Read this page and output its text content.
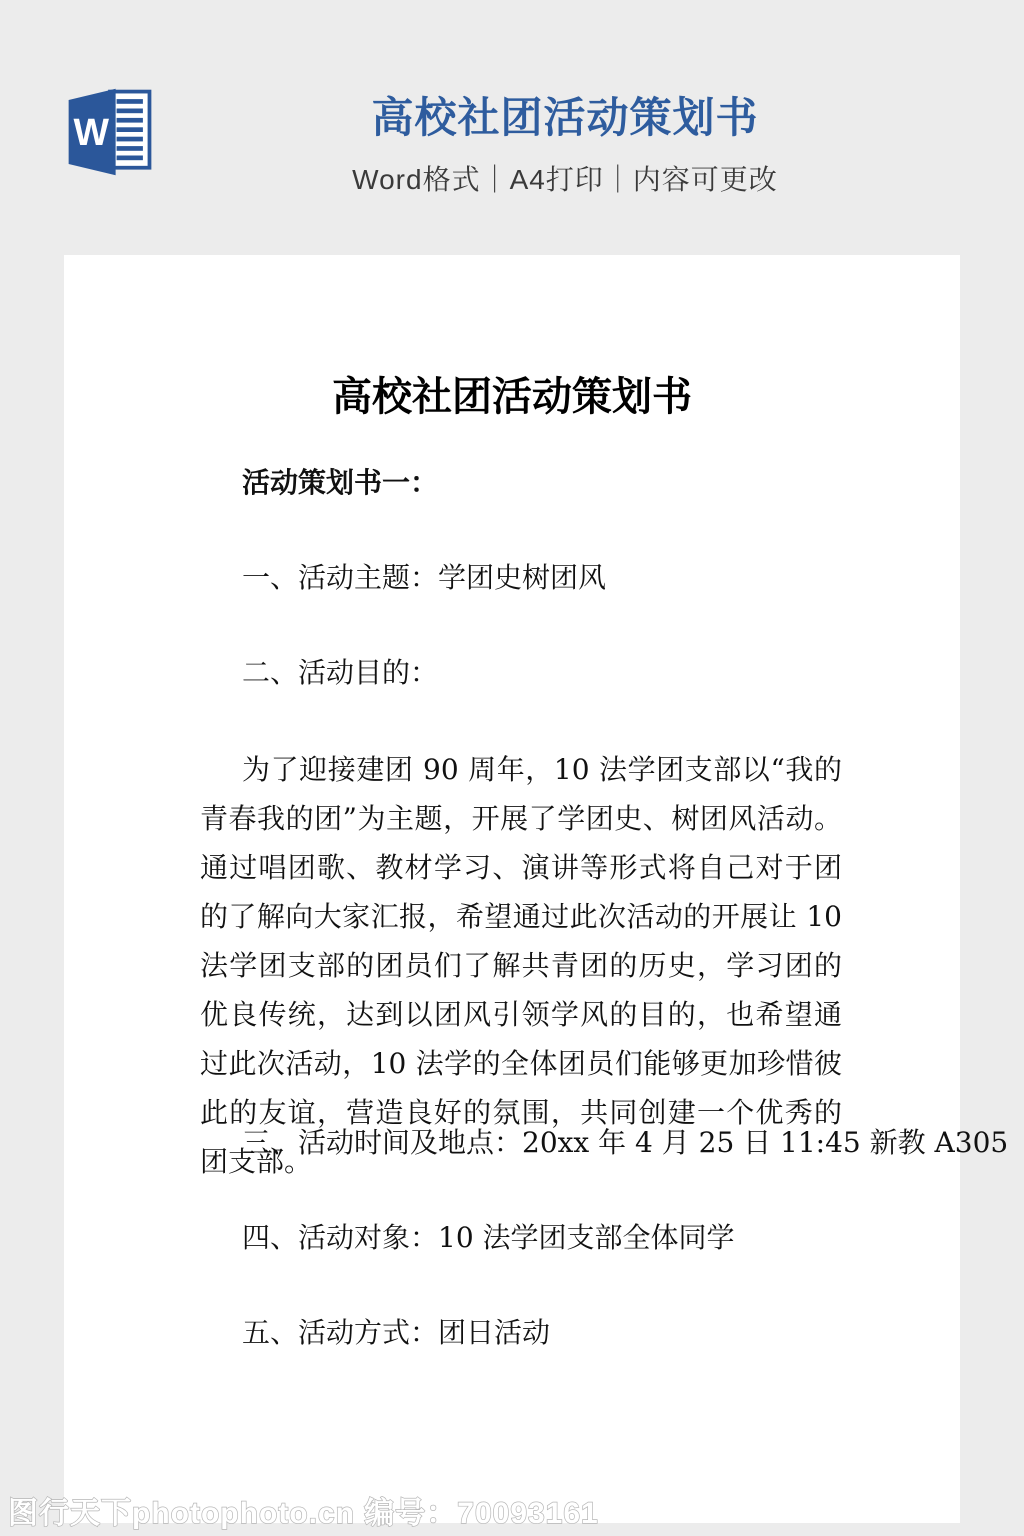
W	高校社团活动策划书
Word格式｜A4打印｜内容可更改
高校社团活动策划书
活动策划书一：
一、活动主题：学团史树团风
二、活动目的：
为了迎接建团 90 周年，10 法学团支部以“我的青春我的团”为主题，开展了学团史、树团风活动。通过唱团歌、教材学习、演讲等形式将自己对于团的了解向大家汇报，希望通过此次活动的开展让 10 法学团支部的团员们了解共青团的历史，学习团的优良传统，达到以团风引领学风的目的，也希望通过此次活动，10 法学的全体团员们能够更加珍惜彼此的友谊，营造良好的氛围，共同创建一个优秀的团支部。
三、活动时间及地点：20xx 年 4 月 25 日 11:45 新教 A305
四、活动对象：10 法学团支部全体同学
五、活动方式：团日活动
图行天下photophoto.cn 编号：70093161
